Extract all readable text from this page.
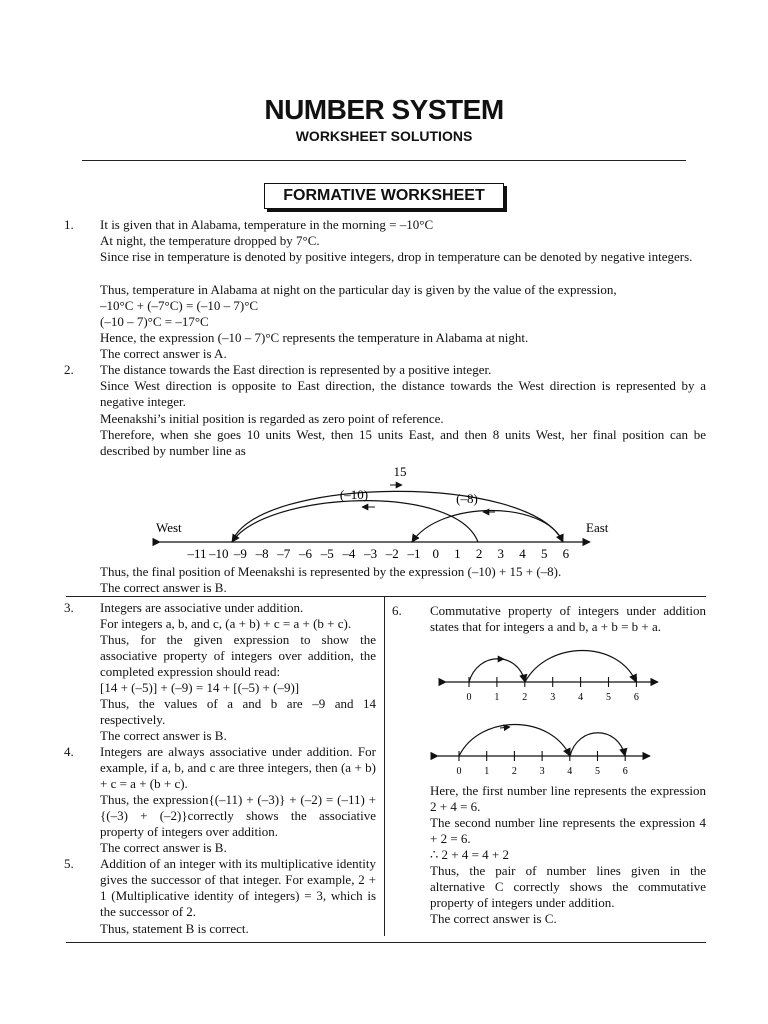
NUMBER SYSTEM
WORKSHEET SOLUTIONS
FORMATIVE WORKSHEET
1. It is given that in Alabama, temperature in the morning = –10°C
At night, the temperature dropped by 7°C.
Since rise in temperature is denoted by positive integers, drop in temperature can be denoted by negative integers.
Thus, temperature in Alabama at night on the particular day is given by the value of the expression,
–10°C + (–7°C) = (–10 – 7)°C
(–10 – 7)°C = –17°C
Hence, the expression (–10 – 7)°C represents the temperature in Alabama at night.
The correct answer is A.
2. The distance towards the East direction is represented by a positive integer.
Since West direction is opposite to East direction, the distance towards the West direction is represented by a negative integer.
Meenakshi’s initial position is regarded as zero point of reference.
Therefore, when she goes 10 units West, then 15 units East, and then 8 units West, her final position can be described by number line as
–11 –10 –9 –8 –7 –6 –5 –4 –3 –2 –1 0 1 2 3 4 5 6
15
(–10)	(–8)
West	East
Thus, the final position of Meenakshi is represented by the expression (–10) + 15 + (–8).
The correct answer is B.
3. Integers are associative under addition.
For integers a, b, and c, (a + b) + c = a + (b + c).
Thus, for the given expression to show the associative property of integers over addition, the completed expression should read:
[14 + (–5)] + (–9) = 14 + [(–5) + (–9)]
Thus, the values of a and b are –9 and 14 respectively.
The correct answer is B.
4. Integers are always associative under addition. For example, if a, b, and c are three integers, then (a + b) + c = a + (b + c).
Thus, the expression{(–11) + (–3)} + (–2) = (–11) + {(–3) + (–2)}correctly shows the associative property of integers over addition.
The correct answer is B.
5. Addition of an integer with its multiplicative identity gives the successor of that integer. For example, 2 + 1 (Multiplicative identity of integers) = 3, which is the successor of 2.
Thus, statement B is correct.
6. Commutative property of integers under addition states that for integers a and b, a + b = b + a.
0 1 2 3 4 5 6
0 1 2 3 4 5 6
Here, the first number line represents the expression 2 + 4 = 6.
The second number line represents the expression 4 + 2 = 6.
∴ 2 + 4 = 4 + 2
Thus, the pair of number lines given in the alternative C correctly shows the commutative property of integers under addition.
The correct answer is C.
